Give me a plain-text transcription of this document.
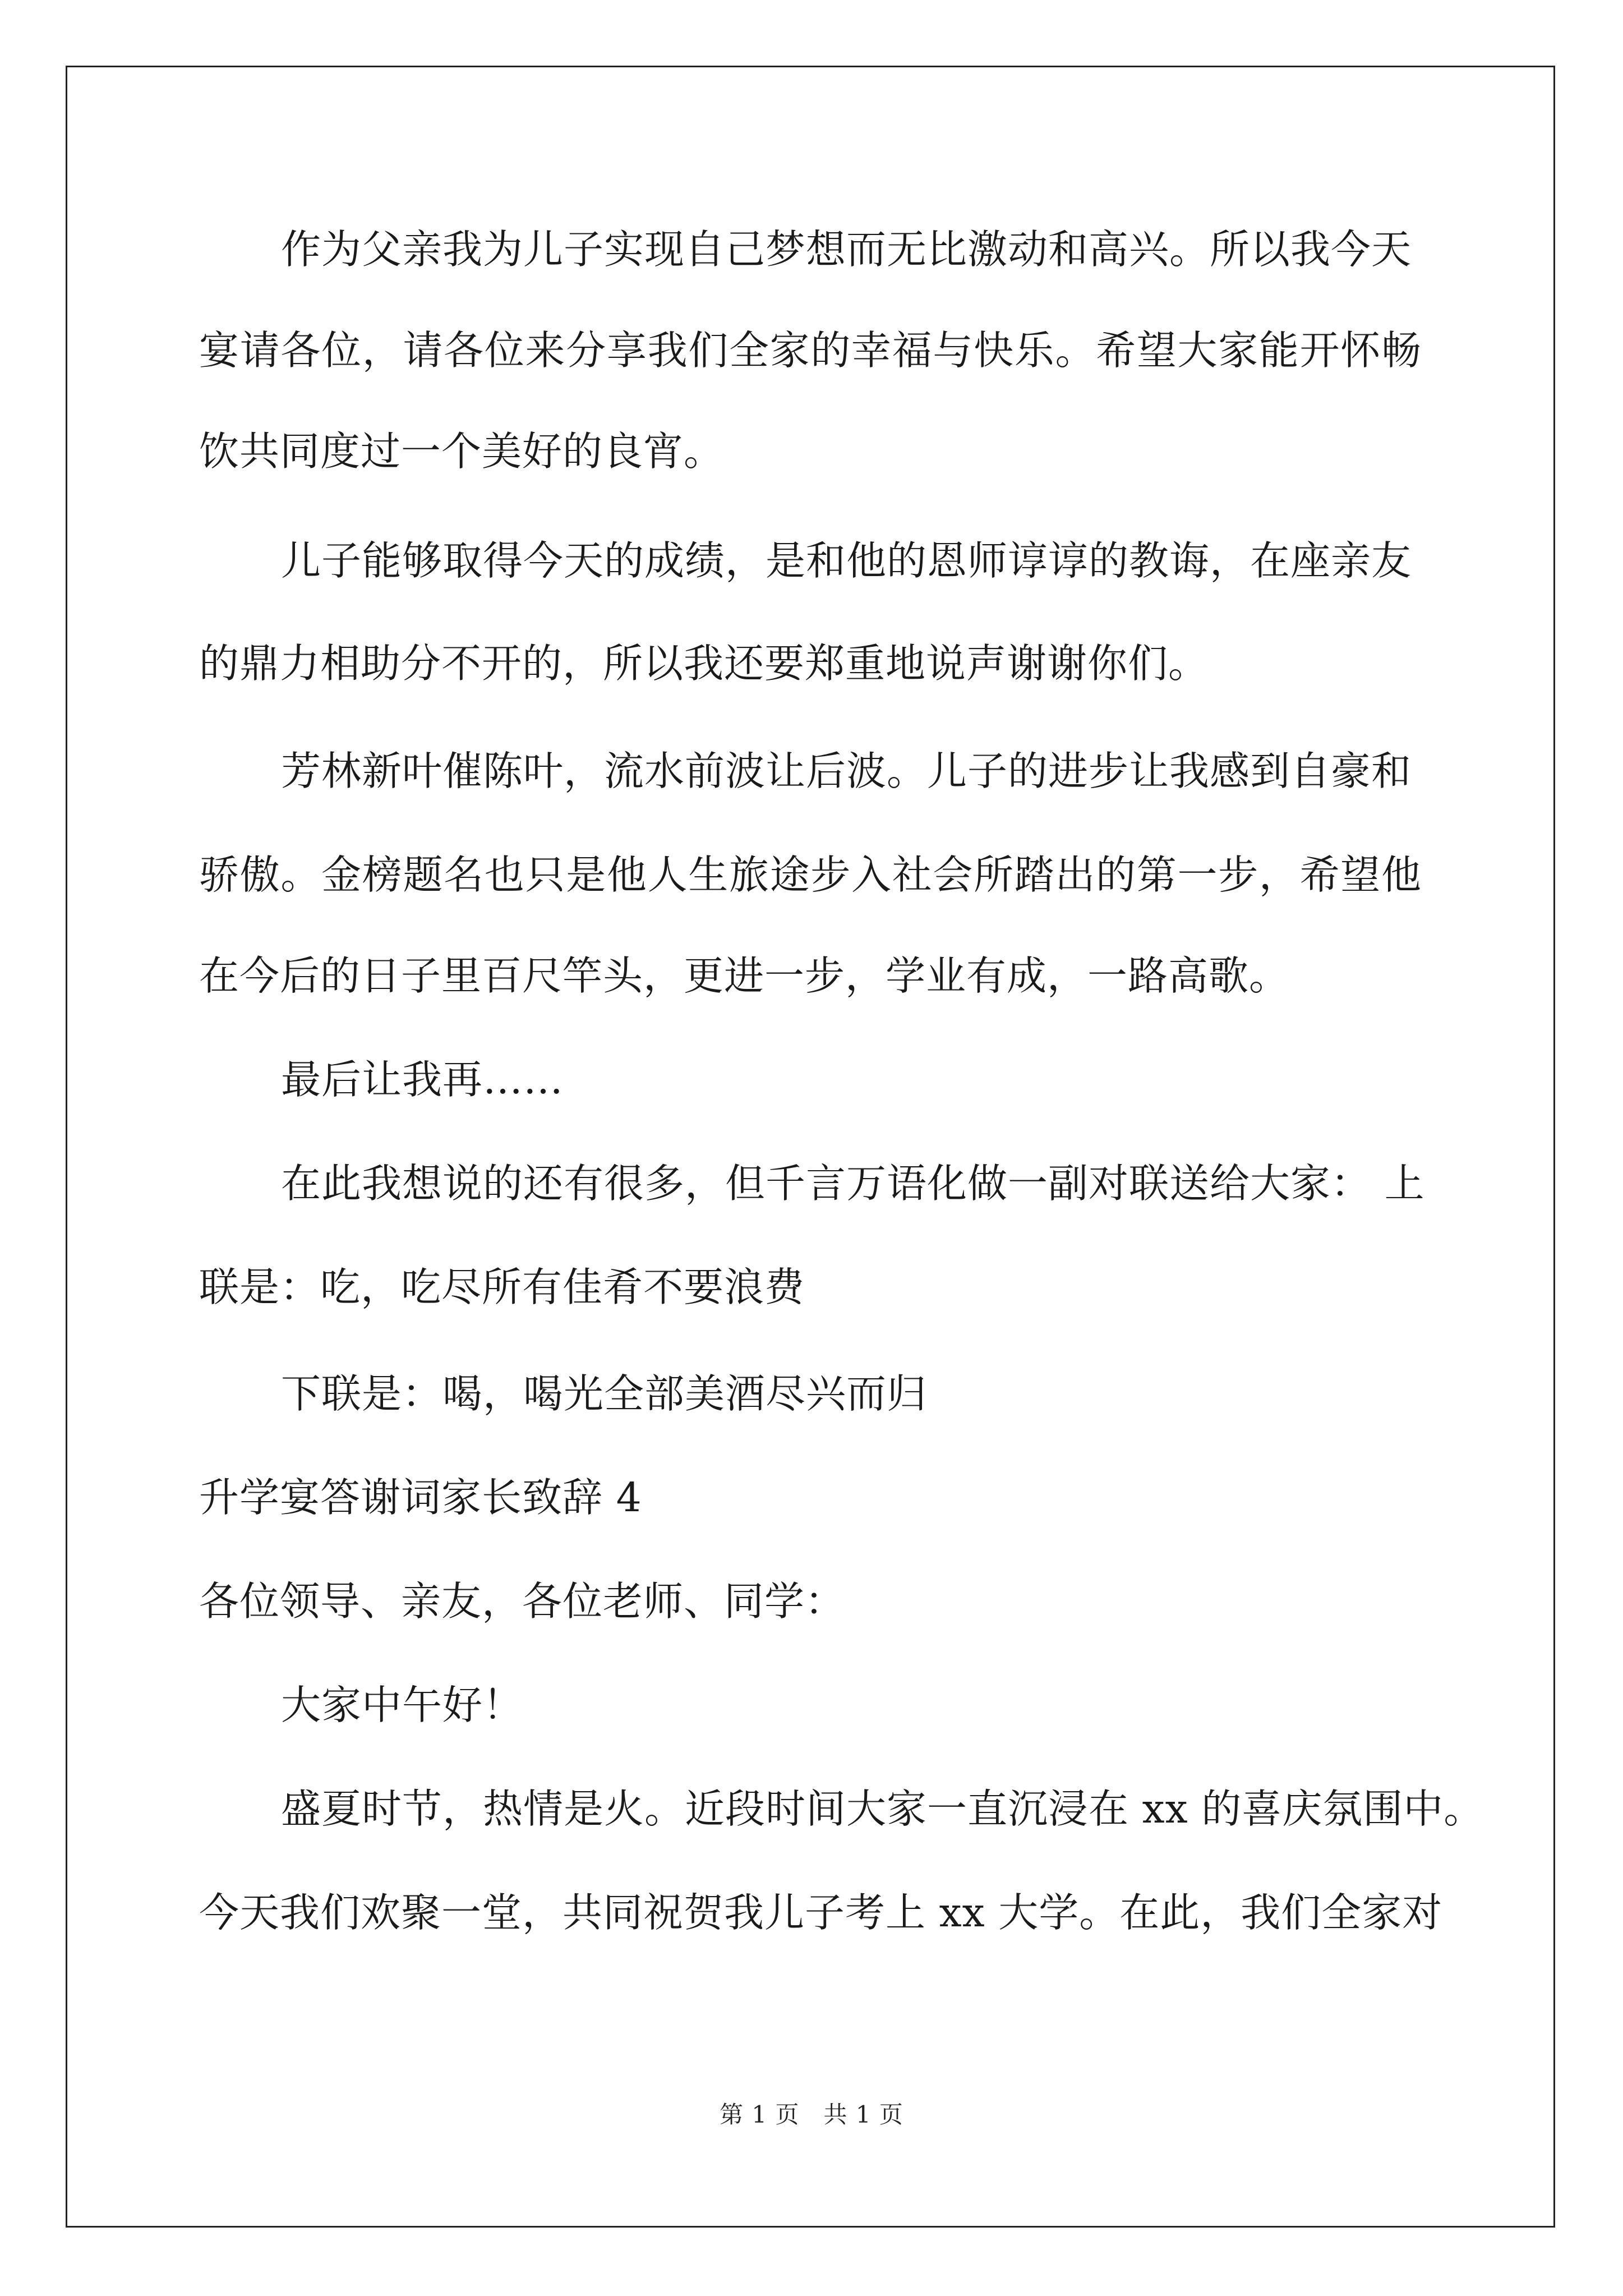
作为父亲我为儿子实现自己梦想而无比激动和高兴。所以我今天
宴请各位，请各位来分享我们全家的幸福与快乐。希望大家能开怀畅
饮共同度过一个美好的良宵。
儿子能够取得今天的成绩，是和他的恩师谆谆的教诲，在座亲友
的鼎力相助分不开的，所以我还要郑重地说声谢谢你们。
芳林新叶催陈叶，流水前波让后波。儿子的进步让我感到自豪和
骄傲。金榜题名也只是他人生旅途步入社会所踏出的第一步，希望他
在今后的日子里百尺竿头，更进一步，学业有成，一路高歌。
最后让我再……
在此我想说的还有很多，但千言万语化做一副对联送给大家： 上
联是：吃，吃尽所有佳肴不要浪费
下联是：喝，喝光全部美酒尽兴而归
升学宴答谢词家长致辞 4
各位领导、亲友，各位老师、同学：
大家中午好！
盛夏时节，热情是火。近段时间大家一直沉浸在 xx 的喜庆氛围中。
今天我们欢聚一堂，共同祝贺我儿子考上 xx 大学。在此，我们全家对
第 1 页　共 1 页
